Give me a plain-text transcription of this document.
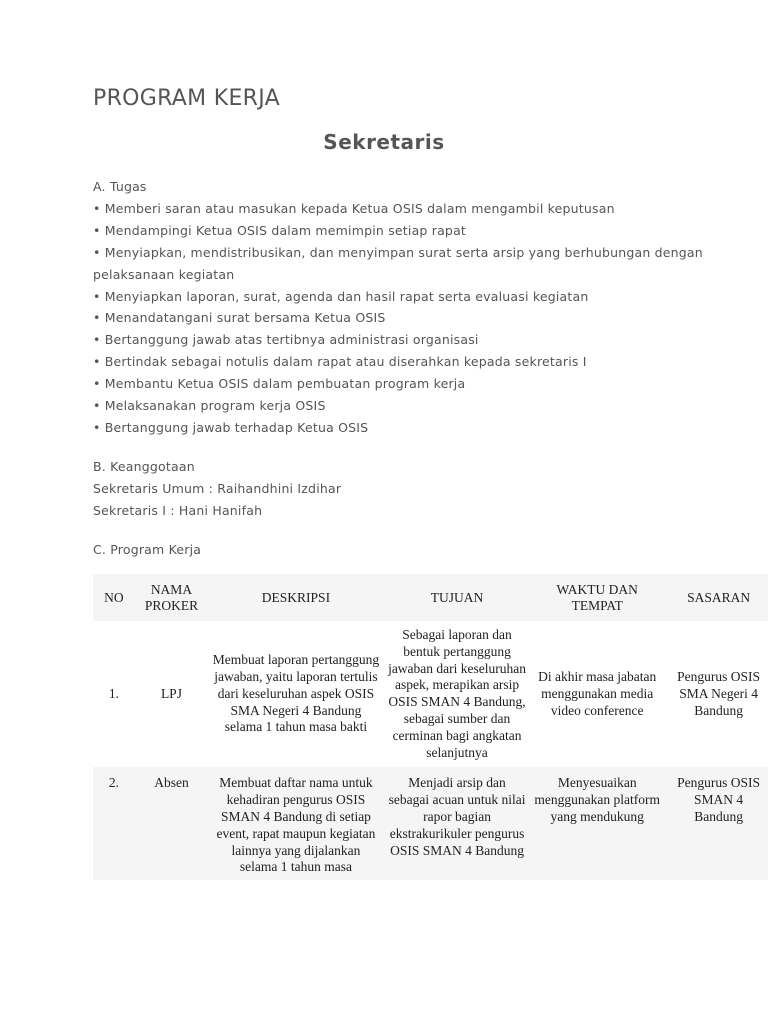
PROGRAM KERJA
Sekretaris
A. Tugas
• Memberi saran atau masukan kepada Ketua OSIS dalam mengambil keputusan
• Mendampingi Ketua OSIS dalam memimpin setiap rapat
• Menyiapkan, mendistribusikan, dan menyimpan surat serta arsip yang berhubungan dengan
pelaksanaan kegiatan
• Menyiapkan laporan, surat, agenda dan hasil rapat serta evaluasi kegiatan
• Menandatangani surat bersama Ketua OSIS
• Bertanggung jawab atas tertibnya administrasi organisasi
• Bertindak sebagai notulis dalam rapat atau diserahkan kepada sekretaris I
• Membantu Ketua OSIS dalam pembuatan program kerja
• Melaksanakan program kerja OSIS
• Bertanggung jawab terhadap Ketua OSIS
B. Keanggotaan
Sekretaris Umum : Raihandhini Izdihar
Sekretaris I : Hani Hanifah
C. Program Kerja
NO	NAMA PROKER	DESKRIPSI	TUJUAN	WAKTU DAN TEMPAT	SASARAN
1.	LPJ	Membuat laporan pertanggung jawaban, yaitu laporan tertulis dari keseluruhan aspek OSIS SMA Negeri 4 Bandung selama 1 tahun masa bakti	Sebagai laporan dan bentuk pertanggung jawaban dari keseluruhan aspek, merapikan arsip OSIS SMAN 4 Bandung, sebagai sumber dan cerminan bagi angkatan selanjutnya	Di akhir masa jabatan menggunakan media video conference	Pengurus OSIS SMA Negeri 4 Bandung
2.	Absen	Membuat daftar nama untuk kehadiran pengurus OSIS SMAN 4 Bandung di setiap event, rapat maupun kegiatan lainnya yang dijalankan selama 1 tahun masa	Menjadi arsip dan sebagai acuan untuk nilai rapor bagian ekstrakurikuler pengurus OSIS SMAN 4 Bandung	Menyesuaikan menggunakan platform yang mendukung	Pengurus OSIS SMAN 4 Bandung
